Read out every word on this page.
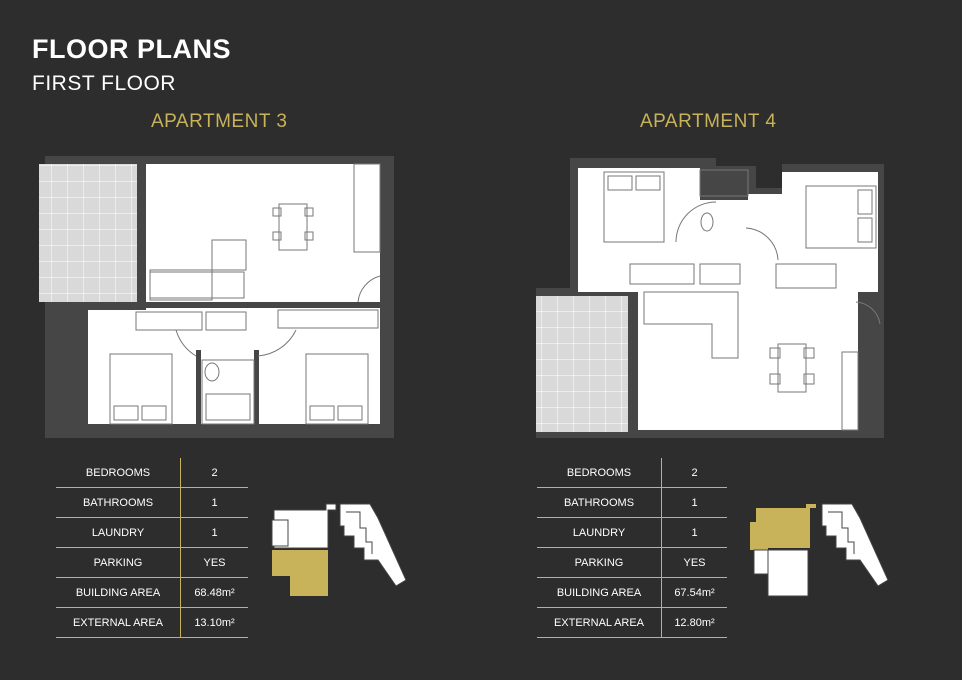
FLOOR PLANS
FIRST FLOOR
APARTMENT 3	APARTMENT 4
BEDROOMS	2
BATHROOMS	1
LAUNDRY	1
PARKING	YES
BUILDING AREA	68.48m²
EXTERNAL AREA	13.10m²
BEDROOMS	2
BATHROOMS	1
LAUNDRY	1
PARKING	YES
BUILDING AREA	67.54m²
EXTERNAL AREA	12.80m²
